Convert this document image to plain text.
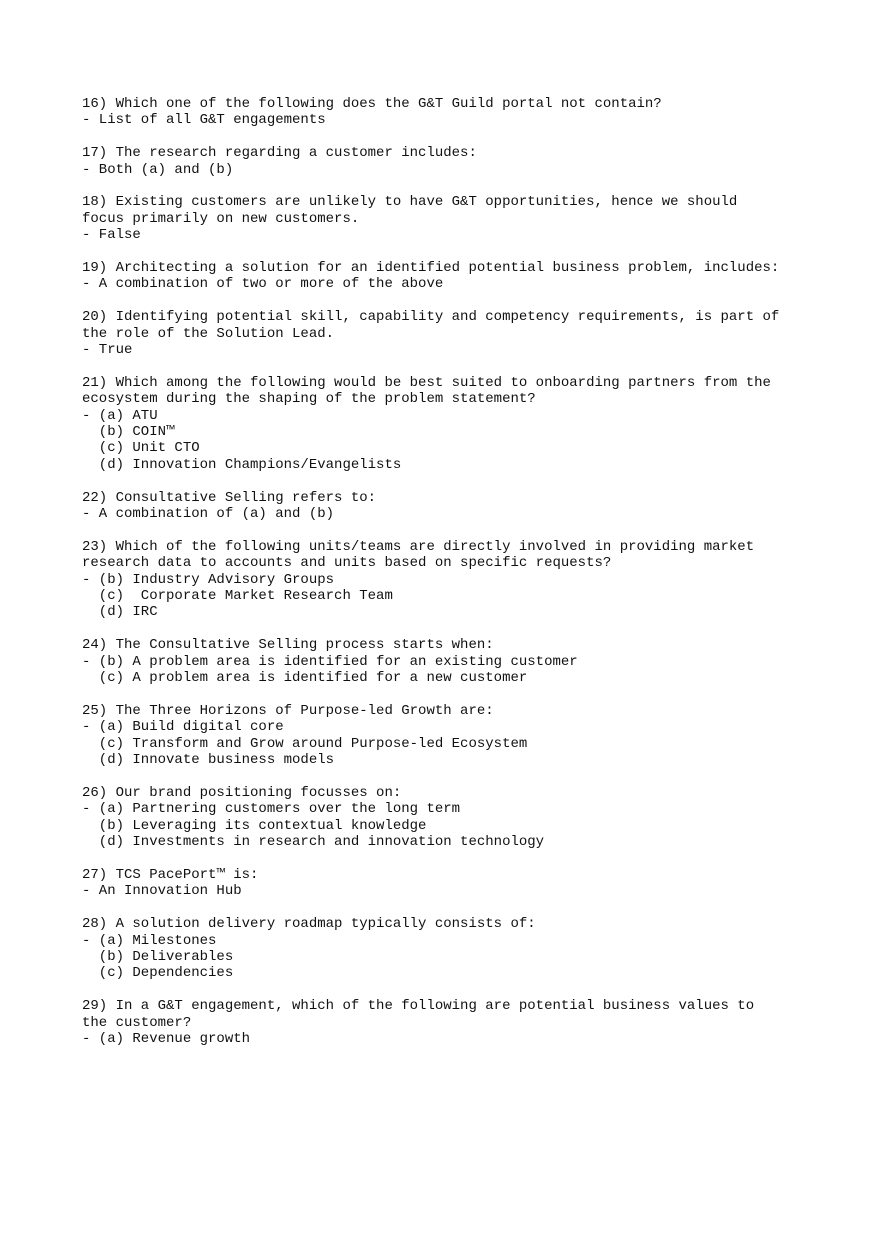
16) Which one of the following does the G&T Guild portal not contain?
- List of all G&T engagements
17) The research regarding a customer includes:
- Both (a) and (b)
18) Existing customers are unlikely to have G&T opportunities, hence we should
focus primarily on new customers.
- False
19) Architecting a solution for an identified potential business problem, includes:
- A combination of two or more of the above
20) Identifying potential skill, capability and competency requirements, is part of
the role of the Solution Lead.
- True
21) Which among the following would be best suited to onboarding partners from the
ecosystem during the shaping of the problem statement?
- (a) ATU
(b) COIN™
(c) Unit CTO
(d) Innovation Champions/Evangelists
22) Consultative Selling refers to:
- A combination of (a) and (b)
23) Which of the following units/teams are directly involved in providing market
research data to accounts and units based on specific requests?
- (b) Industry Advisory Groups
(c)  Corporate Market Research Team
(d) IRC
24) The Consultative Selling process starts when:
- (b) A problem area is identified for an existing customer
(c) A problem area is identified for a new customer
25) The Three Horizons of Purpose-led Growth are:
- (a) Build digital core
(c) Transform and Grow around Purpose-led Ecosystem
(d) Innovate business models
26) Our brand positioning focusses on:
- (a) Partnering customers over the long term
(b) Leveraging its contextual knowledge
(d) Investments in research and innovation technology
27) TCS PacePort™ is:
- An Innovation Hub
28) A solution delivery roadmap typically consists of:
- (a) Milestones
(b) Deliverables
(c) Dependencies
29) In a G&T engagement, which of the following are potential business values to
the customer?
- (a) Revenue growth
